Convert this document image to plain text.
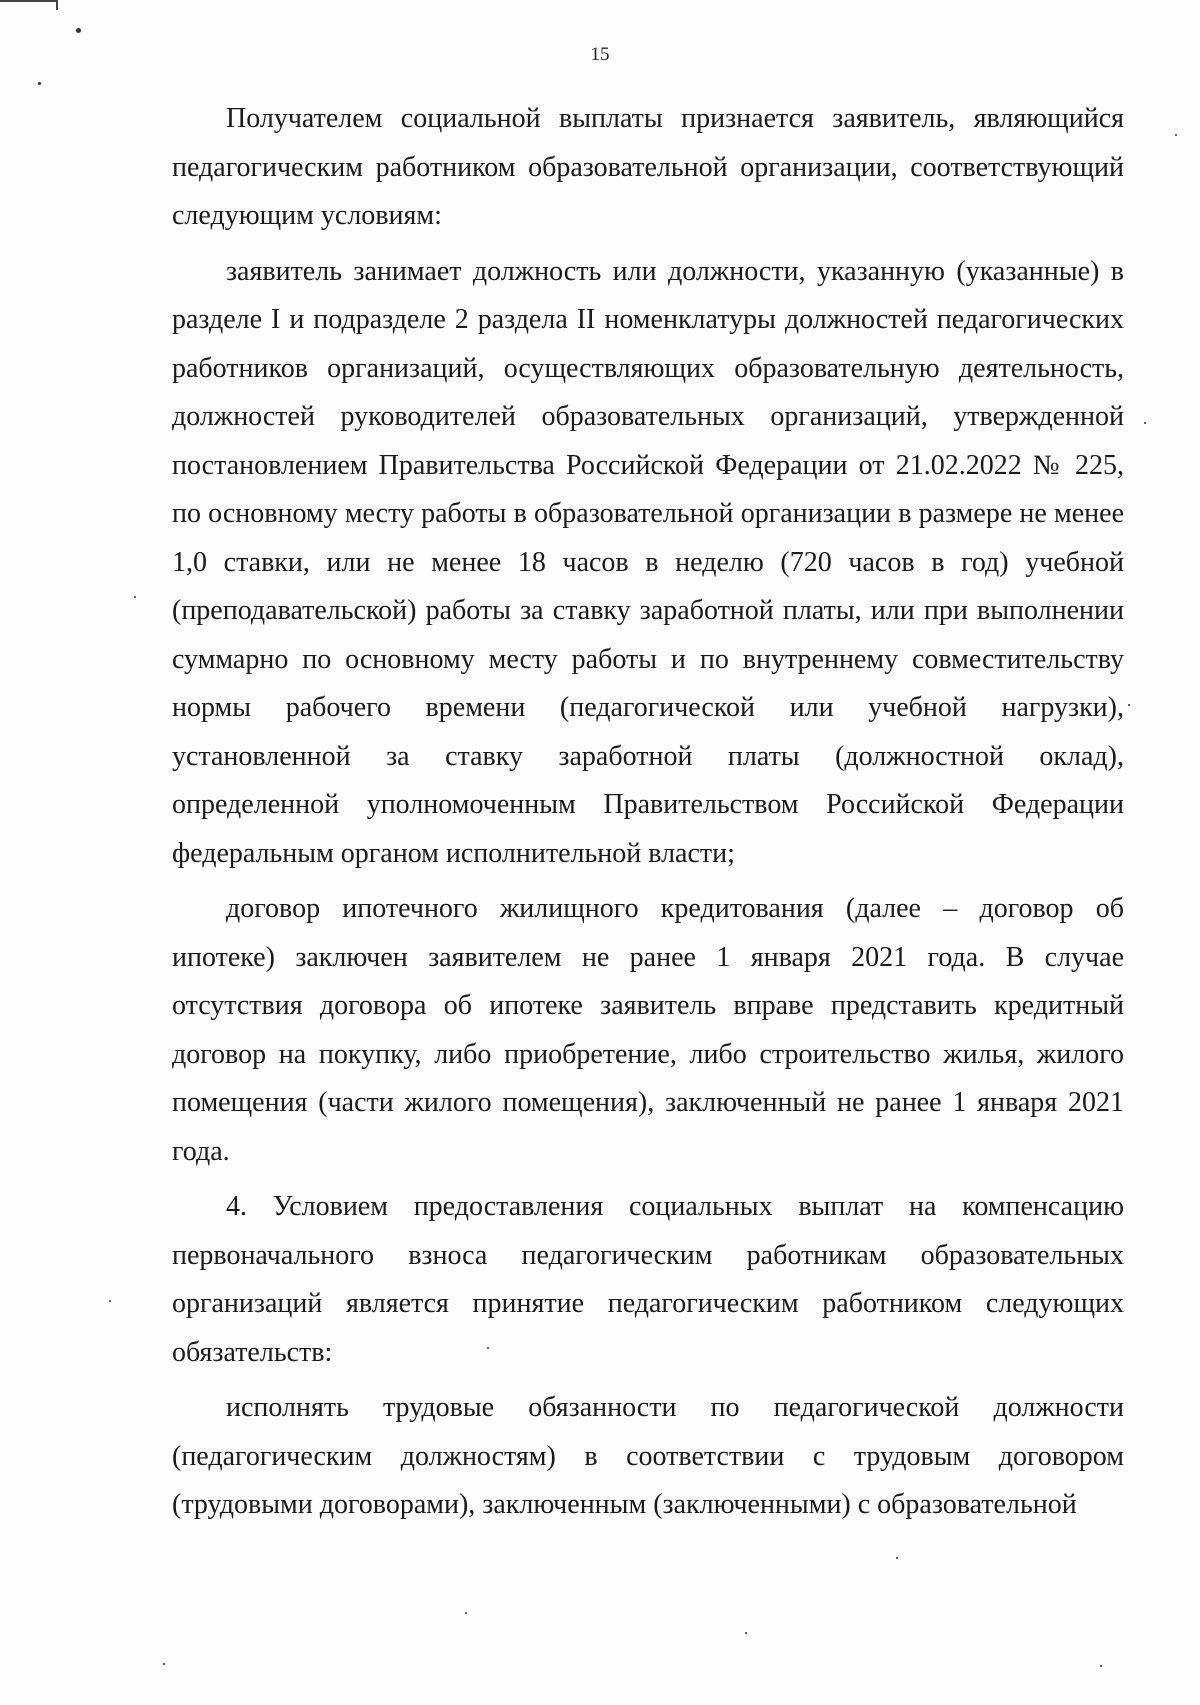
15

Получателем социальной выплаты признается заявитель, являющийся педагогическим работником образовательной организации, соответствующий следующим условиям:

заявитель занимает должность или должности, указанную (указанные) в разделе I и подразделе 2 раздела II номенклатуры должностей педагогических работников организаций, осуществляющих образовательную деятельность, должностей руководителей образовательных организаций, утвержденной постановлением Правительства Российской Федерации от 21.02.2022 № 225, по основному месту работы в образовательной организации в размере не менее 1,0 ставки, или не менее 18 часов в неделю (720 часов в год) учебной (преподавательской) работы за ставку заработной платы, или при выполнении суммарно по основному месту работы и по внутреннему совместительству нормы рабочего времени (педагогической или учебной нагрузки), установленной за ставку заработной платы (должностной оклад), определенной уполномоченным Правительством Российской Федерации федеральным органом исполнительной власти;

договор ипотечного жилищного кредитования (далее – договор об ипотеке) заключен заявителем не ранее 1 января 2021 года. В случае отсутствия договора об ипотеке заявитель вправе представить кредитный договор на покупку, либо приобретение, либо строительство жилья, жилого помещения (части жилого помещения), заключенный не ранее 1 января 2021 года.

4. Условием предоставления социальных выплат на компенсацию первоначального взноса педагогическим работникам образовательных организаций является принятие педагогическим работником следующих обязательств:

исполнять трудовые обязанности по педагогической должности (педагогическим должностям) в соответствии с трудовым договором (трудовыми договорами), заключенным (заключенными) с образовательной
